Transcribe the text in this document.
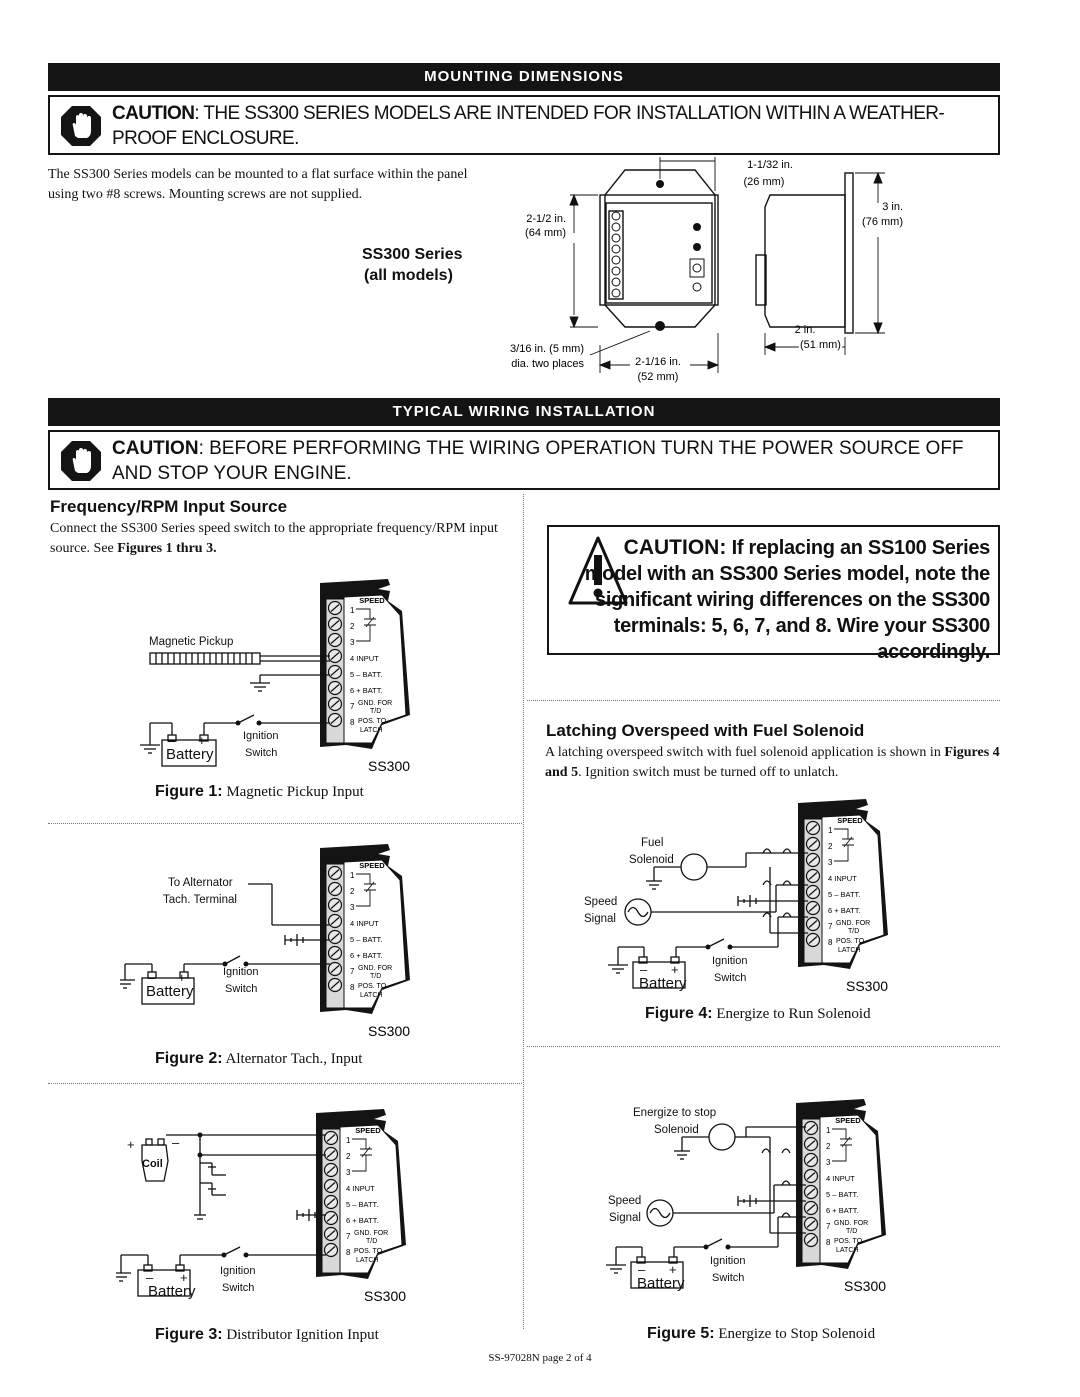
MOUNTING DIMENSIONS
CAUTION: THE SS300 SERIES MODELS ARE INTENDED FOR INSTALLATION WITHIN A WEATHER-PROOF ENCLOSURE.
The SS300 Series models can be mounted to a flat surface within the panel using two #8 screws. Mounting screws are not supplied.
SS300 Series
(all models)
1-1/32 in.
(26 mm)
2-1/2 in.
(64 mm)
3 in.
(76 mm)
2 in.
(51 mm)
3/16 in. (5 mm)
dia. two places	2-1/16 in.
(52 mm)
TYPICAL WIRING INSTALLATION
CAUTION: BEFORE PERFORMING THE WIRING OPERATION TURN THE POWER SOURCE OFF AND STOP YOUR ENGINE.
Frequency/RPM Input Source
Connect the SS300 Series speed switch to the appropriate frequency/RPM input source. See Figures 1 thru 3.	CAUTION: If replacing an SS100 Series
model with an SS300 Series model, note the
significant wiring differences on the SS300
terminals: 5, 6, 7, and 8. Wire your SS300 accordingly.
Latching Overspeed with Fuel Solenoid
A latching overspeed switch with fuel solenoid application is shown in Figures 4 and 5. Ignition switch must be turned off to unlatch.
SPEED
1
2
3
4 INPUT
5 – BATT.
6 + BATT.
7 GND. FOR
T/D
8 POS. TO
LATCH
SS300
SPEED
1
2
3
4 INPUT
5 – BATT.
6 + BATT.
7 GND. FOR
T/D
8 POS. TO
LATCH
SS300
SPEED
1
2
3
4 INPUT
5 – BATT.
6 + BATT.
7 GND. FOR
T/D
8 POS. TO
LATCH
SS300
SPEED
1
2
3
4 INPUT
5 – BATT.
6 + BATT.
7 GND. FOR
T/D
8 POS. TO
LATCH
SS300
SPEED
1
2
3
4 INPUT
5 – BATT.
6 + BATT.
7 GND. FOR
T/D
8 POS. TO
LATCH
SS300
Magnetic Pickup
Battery
– +	Ignition
Switch
Figure 1: Magnetic Pickup Input
To Alternator
Tach. Terminal
Battery
– +	Ignition
Switch
Figure 2: Alternator Tach., Input
+	–
Coil
Battery
– +	Ignition
Switch
Figure 3: Distributor Ignition Input
Fuel
Solenoid
Speed
Signal
Battery
– +
Ignition
Switch
Figure 4: Energize to Run Solenoid
Energize to stop
Solenoid
Speed
Signal
Battery
– +
Ignition
Switch
Figure 5: Energize to Stop Solenoid
SS-97028N page 2 of 4
